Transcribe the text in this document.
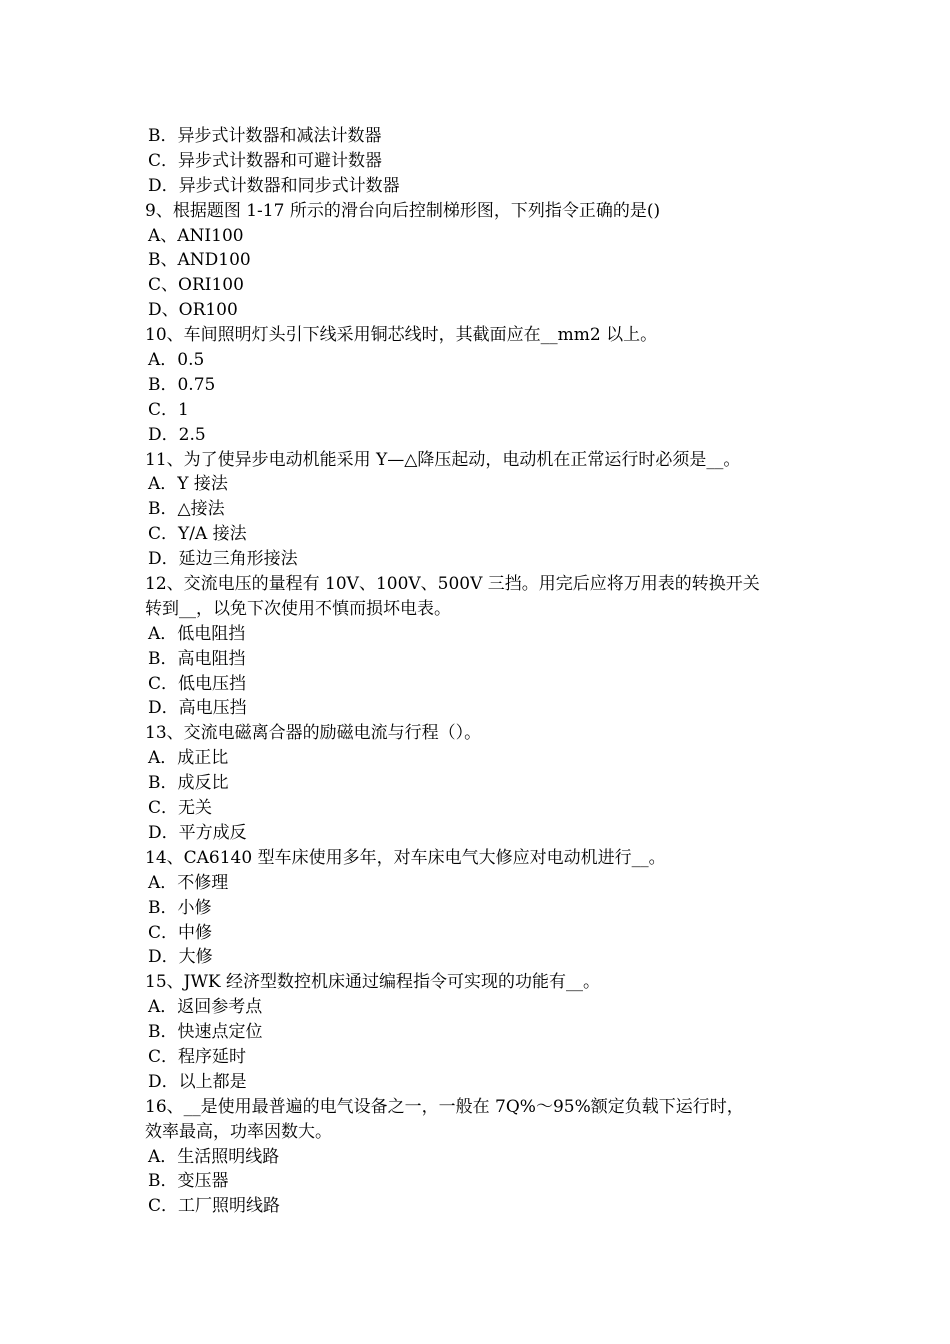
B．异步式计数器和减法计数器
C．异步式计数器和可避计数器
D．异步式计数器和同步式计数器
9、根据题图 1-17 所示的滑台向后控制梯形图，下列指令正确的是()
A、ANI100
B、AND100
C、ORI100
D、OR100
10、车间照明灯头引下线采用铜芯线时，其截面应在__mm2 以上。
A．0.5
B．0.75
C．1
D．2.5
11、为了使异步电动机能采用 Y—△降压起动，电动机在正常运行时必须是__。
A．Y 接法
B．△接法
C．Y/A 接法
D．延边三角形接法
12、交流电压的量程有 10V、100V、500V 三挡。用完后应将万用表的转换开关
转到__，以免下次使用不慎而损坏电表。
A．低电阻挡
B．高电阻挡
C．低电压挡
D．高电压挡
13、交流电磁离合器的励磁电流与行程（）。
A．成正比
B．成反比
C．无关
D．平方成反
14、CA6140 型车床使用多年，对车床电气大修应对电动机进行__。
A．不修理
B．小修
C．中修
D．大修
15、JWK 经济型数控机床通过编程指令可实现的功能有__。
A．返回参考点
B．快速点定位
C．程序延时
D．以上都是
16、__是使用最普遍的电气设备之一，一般在 7Q%～95%额定负载下运行时，
效率最高，功率因数大。
A．生活照明线路
B．变压器
C．工厂照明线路
